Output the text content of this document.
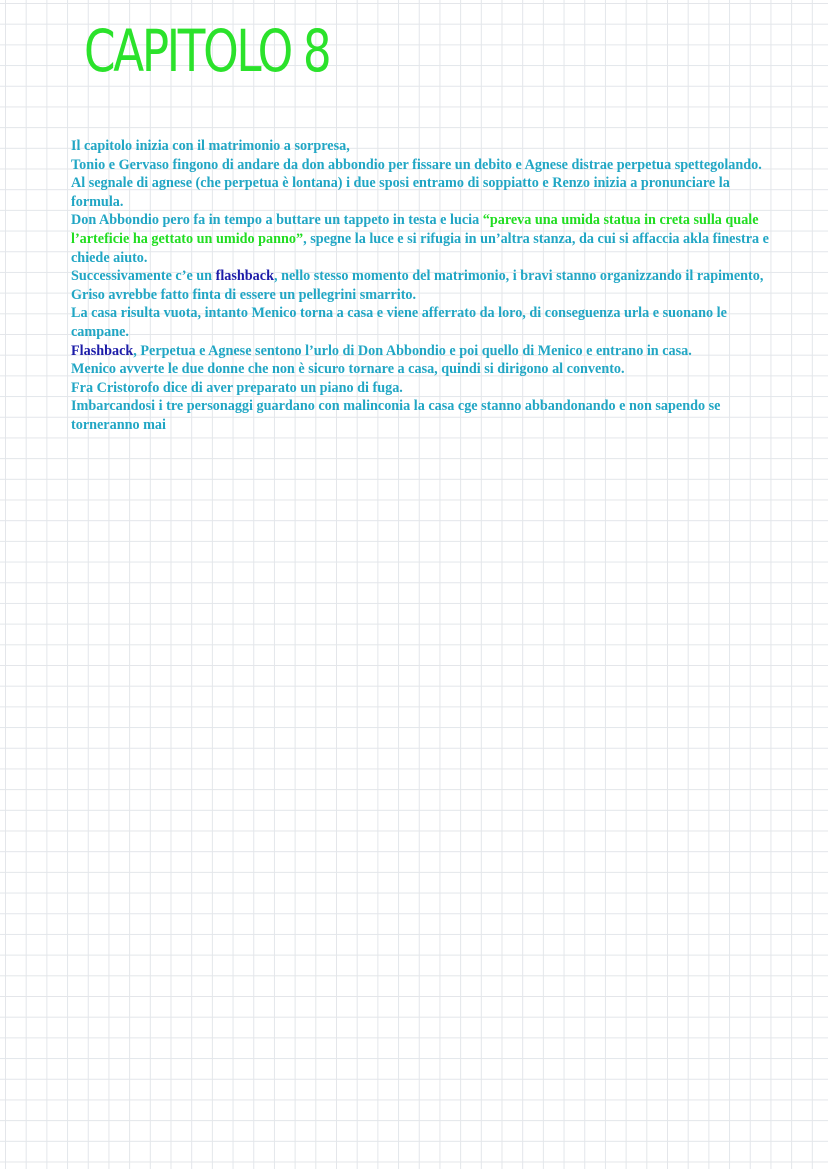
CAPITOLO 8

Il capitolo inizia con il matrimonio a sorpresa,

Tonio e Gervaso fingono di andare da don abbondio per fissare un debito e Agnese distrae perpetua spettegolando.

Al segnale di agnese (che perpetua è lontana) i due sposi entramo di soppiatto e Renzo inizia a pronunciare la formula.

Don Abbondio pero fa in tempo a buttare un tappeto in testa e lucia “pareva una umida statua in creta sulla quale l’arteficie ha gettato un umido panno”, spegne la luce e si rifugia in un’altra stanza, da cui si affaccia akla finestra e chiede aiuto.

Successivamente c’e un flashback, nello stesso momento del matrimonio, i bravi stanno organizzando il rapimento, Griso avrebbe fatto finta di essere un pellegrini smarrito.

La casa risulta vuota, intanto Menico torna a casa e viene afferrato da loro, di conseguenza urla e suonano le campane.

Flashback, Perpetua e Agnese sentono l’urlo di Don Abbondio e poi quello di Menico e entrano in casa.

Menico avverte le due donne che non è sicuro tornare a casa, quindi si dirigono al convento.

Fra Cristorofo dice di aver preparato un piano di fuga.

Imbarcandosi i tre personaggi guardano con malinconia la casa cge stanno abbandonando e non sapendo se torneranno mai
